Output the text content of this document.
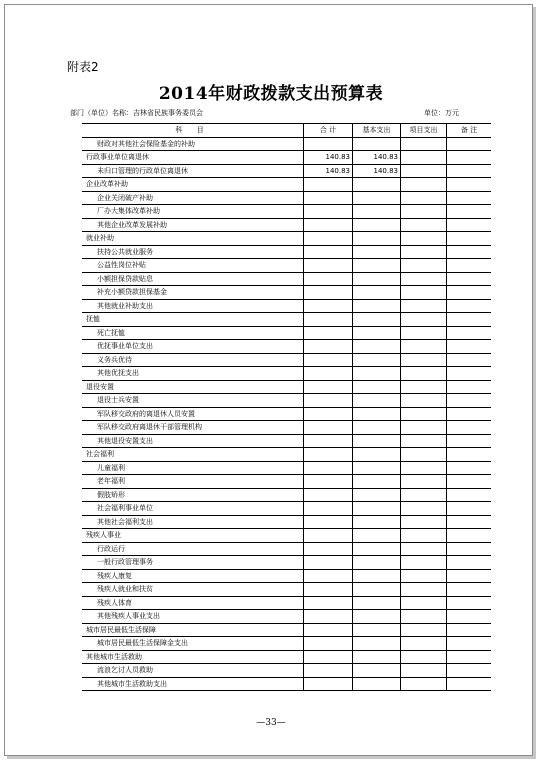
附表2
2014年财政拨款支出预算表
部门（单位）名称：吉林省民族事务委员会	单位：万元
科 目	合 计	基本支出	项目支出	备 注
财政对其他社会保险基金的补助				
行政事业单位离退休	140.83	140.83		
未归口管理的行政单位离退休	140.83	140.83		
企业改革补助				
企业关闭破产补助				
厂办大集体改革补助				
其他企业改革发展补助				
就业补助				
扶持公共就业服务				
公益性岗位补贴				
小额担保贷款贴息				
补充小额贷款担保基金				
其他就业补助支出				
抚恤				
死亡抚恤				
优抚事业单位支出				
义务兵优待				
其他优抚支出				
退役安置				
退役士兵安置				
军队移交政府的离退休人员安置				
军队移交政府离退休干部管理机构				
其他退役安置支出				
社会福利				
儿童福利				
老年福利				
假肢矫形				
社会福利事业单位				
其他社会福利支出				
残疾人事业				
行政运行				
一般行政管理事务				
残疾人康复				
残疾人就业和扶贫				
残疾人体育				
其他残疾人事业支出				
城市居民最低生活保障				
城市居民最低生活保障金支出				
其他城市生活救助				
流浪乞讨人员救助				
其他城市生活救助支出				
—33—
